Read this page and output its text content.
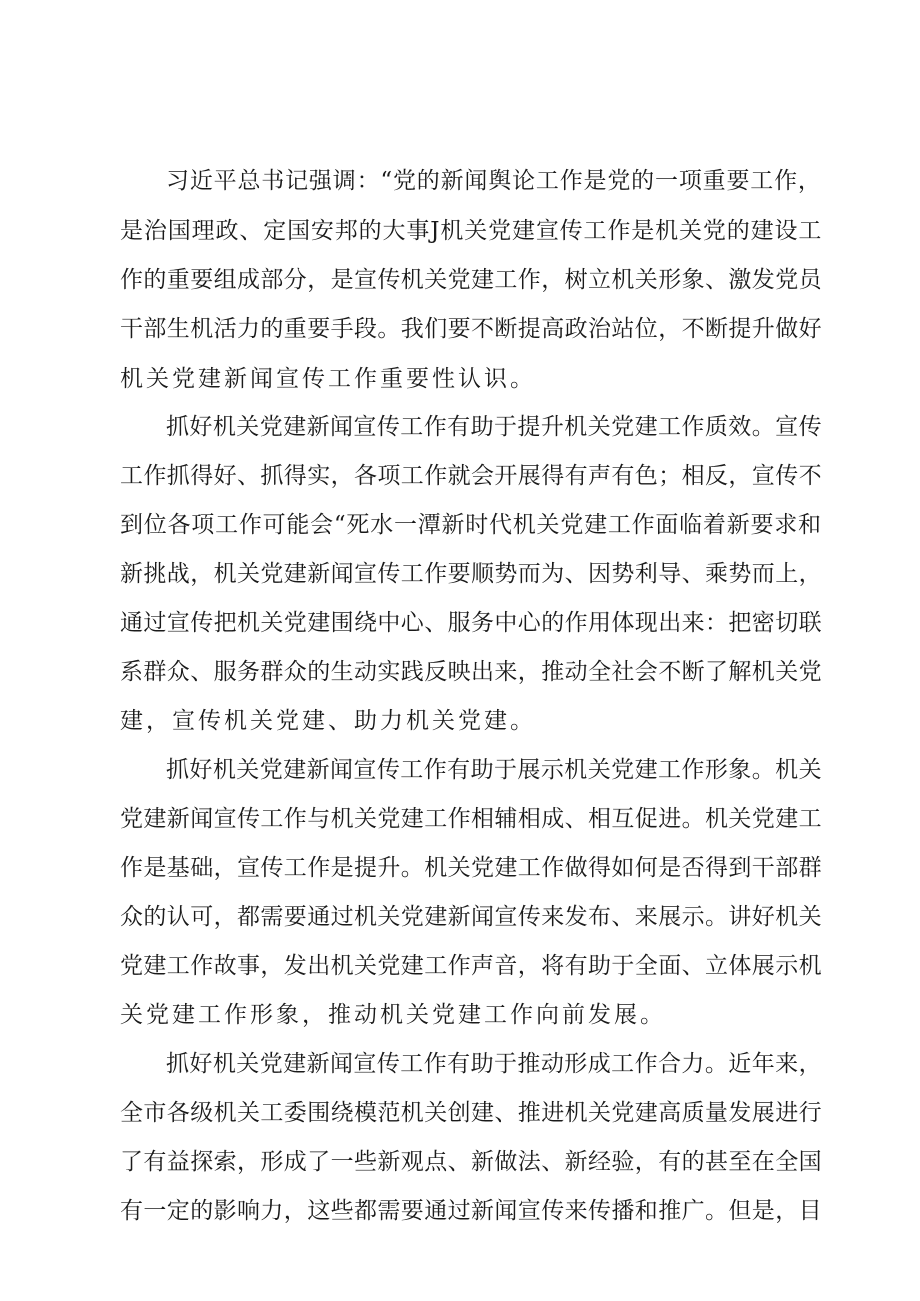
习近平总书记强调：“党的新闻舆论工作是党的一项重要工作，
是治国理政、定国安邦的大事J机关党建宣传工作是机关党的建设工
作的重要组成部分，是宣传机关党建工作，树立机关形象、激发党员
干部生机活力的重要手段。我们要不断提高政治站位，不断提升做好
机关党建新闻宣传工作重要性认识。
抓好机关党建新闻宣传工作有助于提升机关党建工作质效。宣传
工作抓得好、抓得实，各项工作就会开展得有声有色；相反，宣传不
到位各项工作可能会“死水一潭新时代机关党建工作面临着新要求和
新挑战，机关党建新闻宣传工作要顺势而为、因势利导、乘势而上，
通过宣传把机关党建围绕中心、服务中心的作用体现出来：把密切联
系群众、服务群众的生动实践反映出来，推动全社会不断了解机关党
建，宣传机关党建、助力机关党建。
抓好机关党建新闻宣传工作有助于展示机关党建工作形象。机关
党建新闻宣传工作与机关党建工作相辅相成、相互促进。机关党建工
作是基础，宣传工作是提升。机关党建工作做得如何是否得到干部群
众的认可，都需要通过机关党建新闻宣传来发布、来展示。讲好机关
党建工作故事，发出机关党建工作声音，将有助于全面、立体展示机
关党建工作形象，推动机关党建工作向前发展。
抓好机关党建新闻宣传工作有助于推动形成工作合力。近年来，
全市各级机关工委围绕模范机关创建、推进机关党建高质量发展进行
了有益探索，形成了一些新观点、新做法、新经验，有的甚至在全国
有一定的影响力，这些都需要通过新闻宣传来传播和推广。但是，目
